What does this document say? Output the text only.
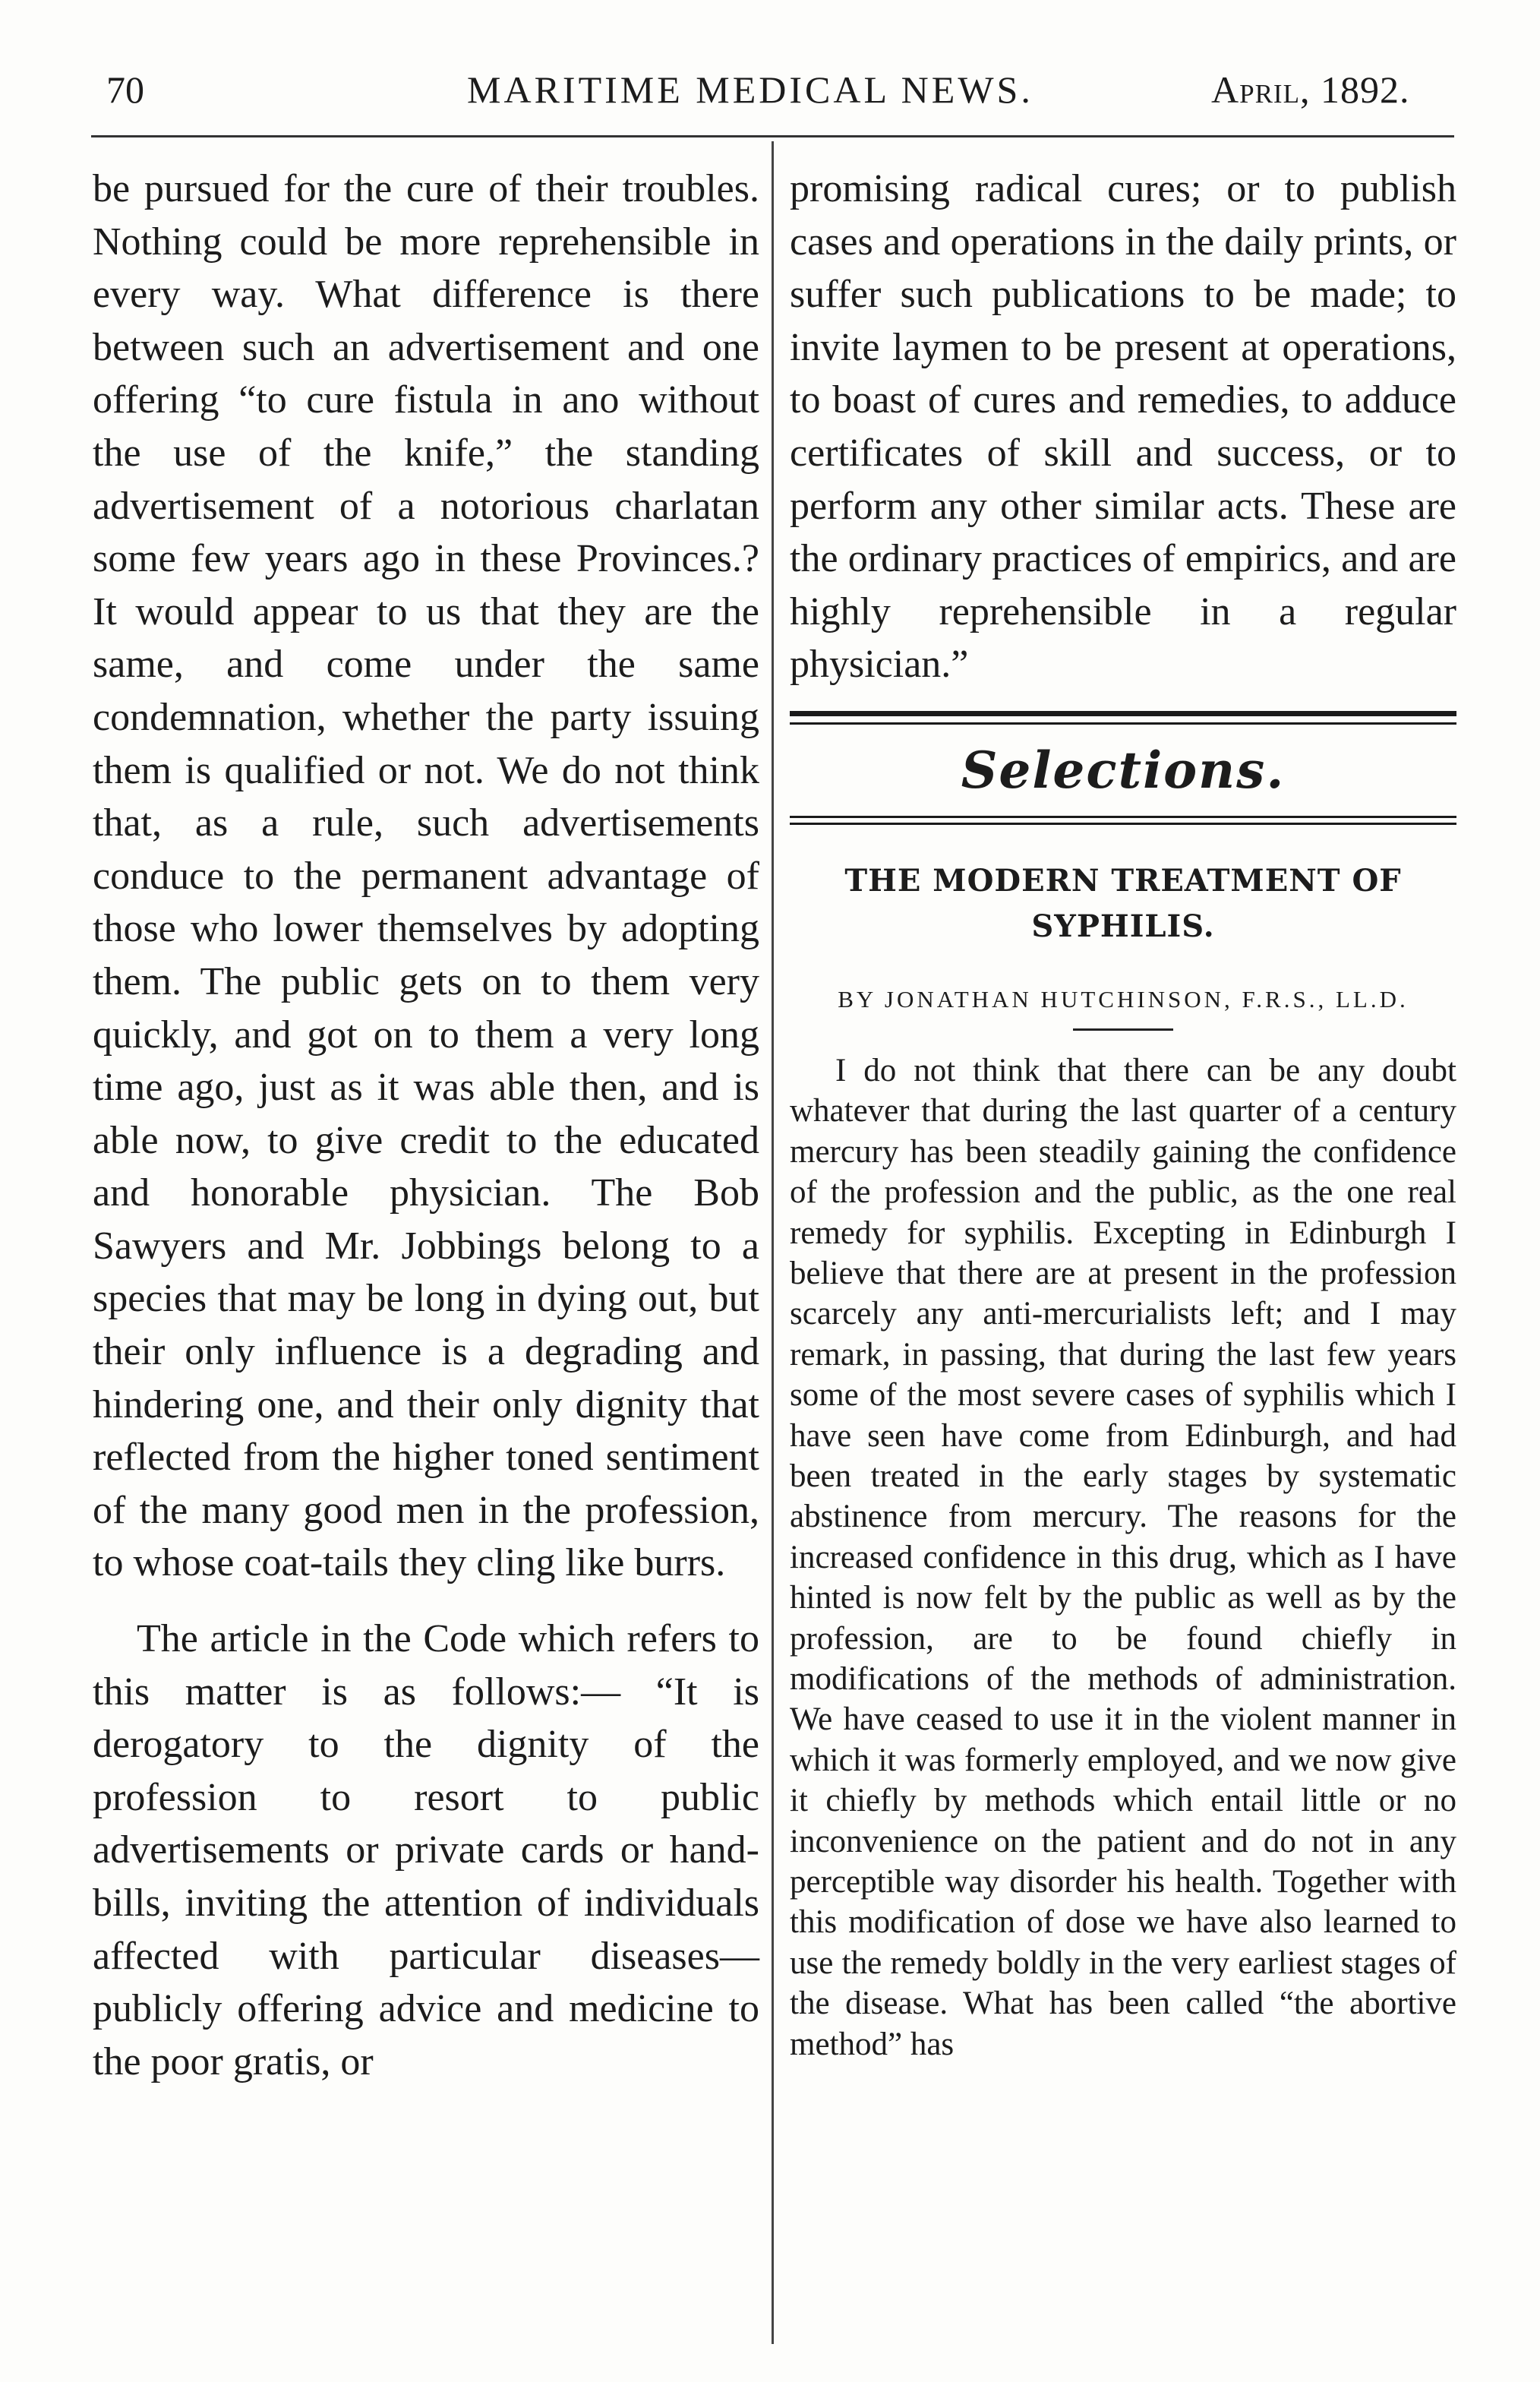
70	MARITIME MEDICAL NEWS.	April, 1892.

be pursued for the cure of their troubles. Nothing could be more reprehensible in every way. What difference is there between such an advertisement and one offering “to cure fistula in ano without the use of the knife,” the standing advertisement of a notorious charlatan some few years ago in these Provinces.? It would appear to us that they are the same, and come under the same condemnation, whether the party issuing them is qualified or not. We do not think that, as a rule, such advertisements conduce to the permanent advantage of those who lower themselves by adopting them. The public gets on to them very quickly, and got on to them a very long time ago, just as it was able then, and is able now, to give credit to the educated and honorable physician. The Bob Sawyers and Mr. Jobbings belong to a species that may be long in dying out, but their only influence is a degrading and hindering one, and their only dignity that reflected from the higher toned sentiment of the many good men in the profession, to whose coat-tails they cling like burrs.

The article in the Code which refers to this matter is as follows:— “It is derogatory to the dignity of the profession to resort to public advertisements or private cards or hand-bills, inviting the attention of individuals affected with particular diseases—publicly offering advice and medicine to the poor gratis, or

promising radical cures; or to publish cases and operations in the daily prints, or suffer such publications to be made; to invite laymen to be present at operations, to boast of cures and remedies, to adduce certificates of skill and success, or to perform any other similar acts. These are the ordinary practices of empirics, and are highly reprehensible in a regular physician.”

Selections.
THE MODERN TREATMENT OF SYPHILIS.
BY JONATHAN HUTCHINSON, F.R.S., LL.D.

I do not think that there can be any doubt whatever that during the last quarter of a century mercury has been steadily gaining the confidence of the profession and the public, as the one real remedy for syphilis. Excepting in Edinburgh I believe that there are at present in the profession scarcely any anti-mercurialists left; and I may remark, in passing, that during the last few years some of the most severe cases of syphilis which I have seen have come from Edinburgh, and had been treated in the early stages by systematic abstinence from mercury. The reasons for the increased confidence in this drug, which as I have hinted is now felt by the public as well as by the profession, are to be found chiefly in modifications of the methods of administration. We have ceased to use it in the violent manner in which it was formerly employed, and we now give it chiefly by methods which entail little or no inconvenience on the patient and do not in any perceptible way disorder his health. Together with this modification of dose we have also learned to use the remedy boldly in the very earliest stages of the disease. What has been called “the abortive method” has
